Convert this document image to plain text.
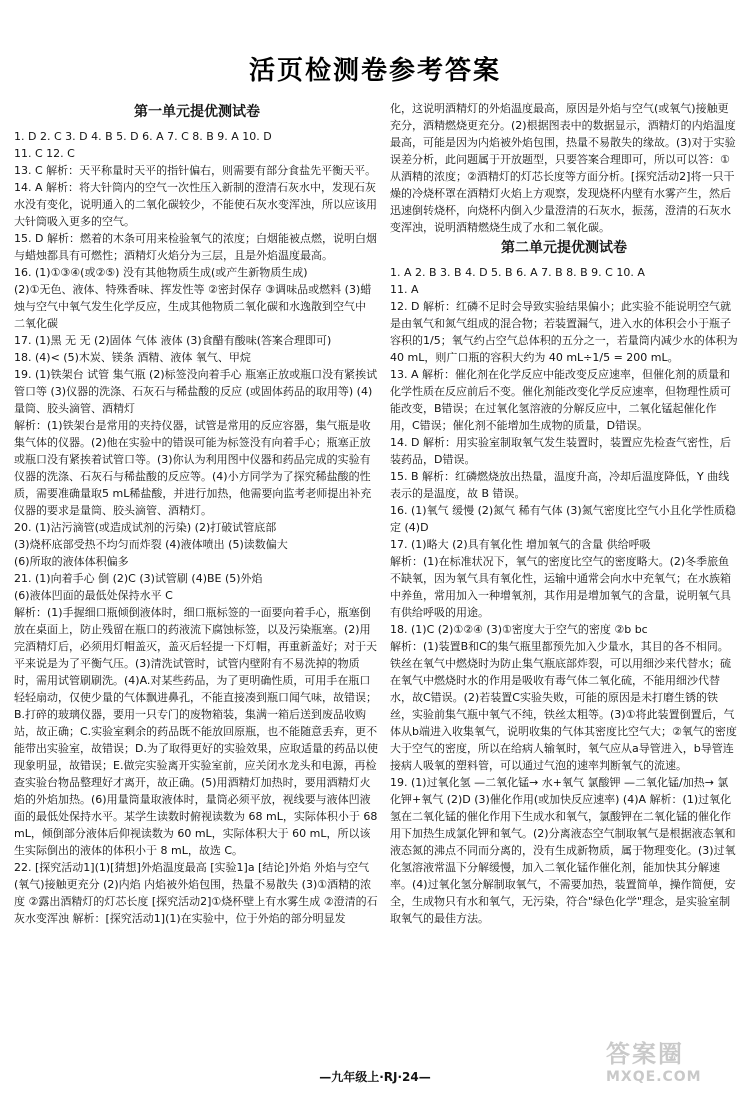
活页检测卷参考答案
第一单元提优测试卷
1. D 2. C 3. D 4. B 5. D 6. A 7. C 8. B 9. A 10. D
11. C 12. C
13. C 解析：天平称量时天平的指针偏右，则需要有部分食盐先平衡天平。
14. A 解析：将大针筒内的空气一次性压入新制的澄清石灰水中，发现石灰水没有变化，说明通入的二氧化碳较少，不能使石灰水变浑浊，所以应该用大针筒吸入更多的空气。
15. D 解析：燃着的木条可用来检验氧气的浓度；白烟能被点燃，说明白烟与蜡烛都具有可燃性；酒精灯火焰分为三层，且是外焰温度最高。
16. (1)①③④(或②⑤) 没有其他物质生成(或产生新物质生成)
(2)①无色、液体、特殊香味、挥发性等 ②密封保存 ③调味品或燃料 (3)蜡烛与空气中氧气发生化学反应，生成其他物质二氧化碳和水逸散到空气中 二氧化碳
17. (1)黑 无 无 (2)固体 气体 液体 (3)食醋有酸味(答案合理即可)
18. (4)< (5)木炭、镁条 酒精、液体 氧气、甲烷
19. (1)铁架台 试管 集气瓶 (2)标签没向着手心 瓶塞正放或瓶口没有紧挨试管口等 (3)仪器的洗涤、石灰石与稀盐酸的反应 (或固体药品的取用等) (4)量筒、胶头滴管、酒精灯
解析：(1)铁架台是常用的夹持仪器，试管是常用的反应容器，集气瓶是收集气体的仪器。(2)他在实验中的错误可能为标签没有向着手心；瓶塞正放或瓶口没有紧挨着试管口等。(3)你认为利用图中仪器和药品完成的实验有仪器的洗涤、石灰石与稀盐酸的反应等。(4)小方同学为了探究稀盐酸的性质，需要准确量取5 mL稀盐酸，并进行加热，他需要向监考老师提出补充仪器的要求是量筒、胶头滴管、酒精灯。
20. (1)沾污滴管(或造成试剂的污染) (2)打破试管底部
(3)烧杯底部受热不均匀而炸裂 (4)液体喷出 (5)读数偏大
(6)所取的液体体积偏多
21. (1)向着手心 倒 (2)C (3)试管刷 (4)BE (5)外焰
(6)液体凹面的最低处保持水平 C
解析：(1)手握细口瓶倾倒液体时，细口瓶标签的一面要向着手心，瓶塞倒放在桌面上，防止残留在瓶口的药液流下腐蚀标签，以及污染瓶塞。(2)用完酒精灯后，必须用灯帽盖灭，盖灭后轻提一下灯帽，再重新盖好；对于天平来说是为了平衡气压。(3)清洗试管时，试管内壁附有不易洗掉的物质时，需用试管刷刷洗。(4)A.对某些药品，为了更明确性质，可用手在瓶口轻轻扇动，仅使少量的气体飘进鼻孔，不能直接凑到瓶口闻气味，故错误；B.打碎的玻璃仪器，要用一只专门的废物箱装，集满一箱后送到废品收购站，故正确；C.实验室剩余的药品既不能放回原瓶，也不能随意丢弃，更不能带出实验室，故错误；D.为了取得更好的实验效果，应取适量的药品以使现象明显，故错误；E.做完实验离开实验室前，应关闭水龙头和电源，再检查实验台物品整理好才离开，故正确。(5)用酒精灯加热时，要用酒精灯火焰的外焰加热。(6)用量筒量取液体时，量筒必须平放，视线要与液体凹液面的最低处保持水平。某学生读数时俯视读数为 68 mL，实际体积小于 68 mL，倾倒部分液体后仰视读数为 60 mL，实际体积大于 60 mL，所以该生实际倒出的液体的体积小于 8 mL，故选 C。
22. [探究活动1](1)[猜想]外焰温度最高 [实验1]a [结论]外焰 外焰与空气(氧气)接触更充分 (2)内焰 内焰被外焰包围，热量不易散失 (3)①酒精的浓度 ②露出酒精灯的灯芯长度 [探究活动2]①烧杯壁上有水雾生成 ②澄清的石灰水变浑浊 解析：[探究活动1](1)在实验中，位于外焰的部分明显发
化，这说明酒精灯的外焰温度最高，原因是外焰与空气(或氧气)接触更充分，酒精燃烧更充分。(2)根据图表中的数据显示，酒精灯的内焰温度最高，可能是因为内焰被外焰包围，热量不易散失的缘故。(3)对于实验误差分析，此问题属于开放题型，只要答案合理即可，所以可以答：①从酒精的浓度；②酒精灯的灯芯长度等方面分析。[探究活动2]将一只干燥的冷烧杯罩在酒精灯火焰上方观察，发现烧杯内壁有水雾产生，然后迅速倒转烧杯，向烧杯内倒入少量澄清的石灰水，振荡，澄清的石灰水变浑浊，说明酒精燃烧生成了水和二氧化碳。
第二单元提优测试卷
1. A 2. B 3. B 4. D 5. B 6. A 7. B 8. B 9. C 10. A
11. A
12. D 解析：红磷不足时会导致实验结果偏小；此实验不能说明空气就是由氧气和氮气组成的混合物；若装置漏气，进入水的体积会小于瓶子容积的1/5；氧气约占空气总体积的五分之一，若量筒内减少水的体积为 40 mL，则广口瓶的容积大约为 40 mL÷1/5 = 200 mL。
13. A 解析：催化剂在化学反应中能改变反应速率，但催化剂的质量和化学性质在反应前后不变。催化剂能改变化学反应速率，但物理性质可能改变，B错误；在过氧化氢溶液的分解反应中，二氧化锰起催化作用，C错误；催化剂不能增加生成物的质量，D错误。
14. D 解析：用实验室制取氧气发生装置时，装置应先检查气密性，后装药品，D错误。
15. B 解析：红磷燃烧放出热量，温度升高，冷却后温度降低，Y 曲线表示的是温度，故 B 错误。
16. (1)氧气 缓慢 (2)氮气 稀有气体 (3)氮气密度比空气小且化学性质稳定 (4)D
17. (1)略大 (2)具有氧化性 增加氧气的含量 供给呼吸
解析：(1)在标准状况下，氧气的密度比空气的密度略大。(2)冬季旅鱼不缺氧，因为氧气具有氧化性，运输中通常会向水中充氧气；在水族箱中养鱼，常用加入一种增氧剂，其作用是增加氧气的含量，说明氧气具有供给呼吸的用途。
18. (1)C (2)①②④ (3)①密度大于空气的密度 ②b bc
解析：(1)装置B和C的集气瓶里都预先加入少量水，其目的各不相同。铁丝在氧气中燃烧时为防止集气瓶底部炸裂，可以用细沙来代替水；硫在氧气中燃烧时水的作用是吸收有毒气体二氧化硫，不能用细沙代替水，故C错误。(2)若装置C实验失败，可能的原因是未打磨生锈的铁丝，实验前集气瓶中氧气不纯，铁丝太粗等。(3)①将此装置倒置后，气体从b端进入收集氧气，说明收集的气体其密度比空气大；②氧气的密度大于空气的密度，所以在给病人输氧时，氧气应从a导管进入，b导管连接病人吸氧的塑料管，可以通过气泡的速率判断氧气的流速。
19. (1)过氧化氢 —二氧化锰→ 水+氧气 氯酸钾 —二氧化锰/加热→ 氯化钾+氧气 (2)D (3)催化作用(或加快反应速率) (4)A 解析：(1)过氧化氢在二氧化锰的催化作用下生成水和氧气，氯酸钾在二氧化锰的催化作用下加热生成氯化钾和氧气。(2)分离液态空气制取氧气是根据液态氧和液态氮的沸点不同而分离的，没有生成新物质，属于物理变化。(3)过氧化氢溶液常温下分解缓慢，加入二氧化锰作催化剂，能加快其分解速率。(4)过氧化氢分解制取氧气，不需要加热，装置简单，操作简便，安全，生成物只有水和氧气，无污染，符合"绿色化学"理念，是实验室制取氧气的最佳方法。
—九年级上·RJ·24—
答案圈
MXQE.COM
